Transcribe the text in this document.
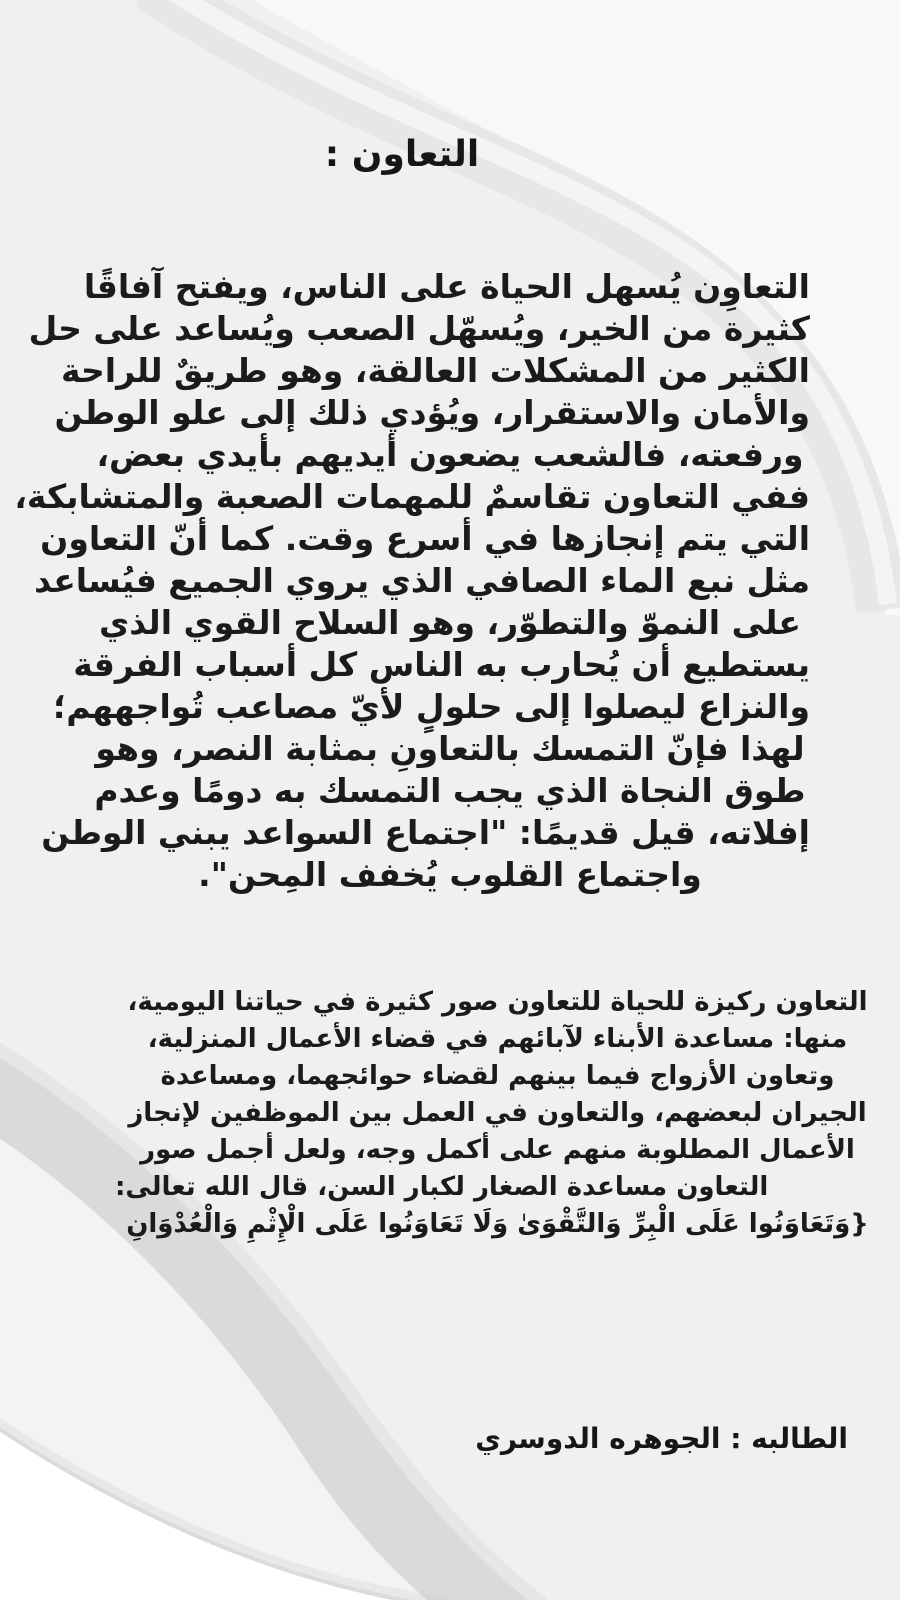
التعاون :
التعاوِن يُسهل الحياة على الناس، ويفتح آفاقًا
كثيرة من الخير، ويُسهّل الصعب ويُساعد على حل
الكثير من المشكلات العالقة، وهو طريقٌ للراحة
والأمان والاستقرار، ويُؤدي ذلك إلى علو الوطن
ورفعته، فالشعب يضعون أيديهم بأيدي بعض،
ففي التعاون تقاسمٌ للمهمات الصعبة والمتشابكة،
التي يتم إنجازها في أسرع وقت. كما أنّ التعاون
مثل نبع الماء الصافي الذي يروي الجميع فيُساعد
على النموّ والتطوّر، وهو السلاح القوي الذي
يستطيع أن يُحارب به الناس كل أسباب الفرقة
والنزاع ليصلوا إلى حلولٍ لأيّ مصاعب تُواجههم؛
لهذا فإنّ التمسك بالتعاونِ بمثابة النصر، وهو
طوق النجاة الذي يجب التمسك به دومًا وعدم
إفلاته، قيل قديمًا: "اجتماع السواعد يبني الوطن
واجتماع القلوب يُخفف المِحن".
التعاون ركيزة للحياة للتعاون صور كثيرة في حياتنا اليومية،
منها: مساعدة الأبناء لآبائهم في قضاء الأعمال المنزلية،
وتعاون الأزواج فيما بينهم لقضاء حوائجهما، ومساعدة
الجيران لبعضهم، والتعاون في العمل بين الموظفين لإنجاز
الأعمال المطلوبة منهم على أكمل وجه، ولعل أجمل صور
التعاون مساعدة الصغار لكبار السن، قال الله تعالى:
{وَتَعَاوَنُوا عَلَى الْبِرِّ وَالتَّقْوَىٰ وَلَا تَعَاوَنُوا عَلَى الْإِثْمِ وَالْعُدْوَانِ
الطالبه : الجوهره الدوسري
